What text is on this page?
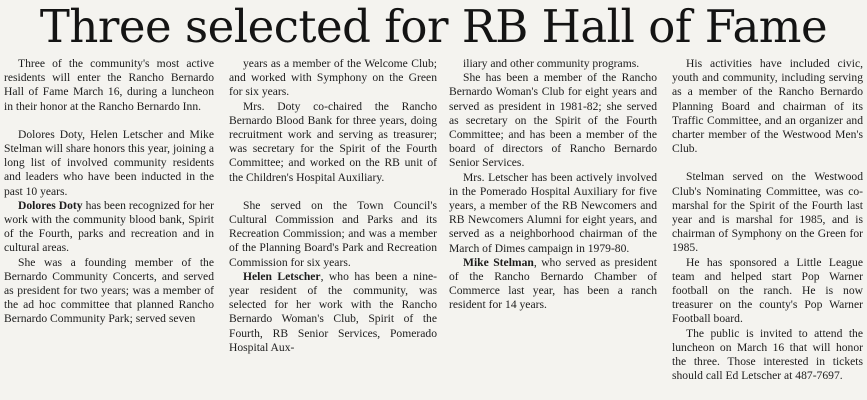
Three selected for RB Hall of Fame

Three of the community's most active residents will enter the Rancho Bernardo Hall of Fame March 16, during a luncheon in their honor at the Rancho Bernardo Inn.

Dolores Doty, Helen Letscher and Mike Stelman will share honors this year, joining a long list of involved community residents and leaders who have been inducted in the past 10 years.

Dolores Doty has been recognized for her work with the community blood bank, Spirit of the Fourth, parks and recreation and in cultural areas.

She was a founding member of the Bernardo Community Concerts, and served as president for two years; was a member of the ad hoc committee that planned Rancho Bernardo Community Park; served seven

years as a member of the Welcome Club; and worked with Symphony on the Green for six years.

Mrs. Doty co-chaired the Rancho Bernardo Blood Bank for three years, doing recruitment work and serving as treasurer; was secretary for the Spirit of the Fourth Committee; and worked on the RB unit of the Children's Hospital Auxiliary.

She served on the Town Council's Cultural Commission and Parks and its Recreation Commission; and was a member of the Planning Board's Park and Recreation Commission for six years.

Helen Letscher, who has been a nine-year resident of the community, was selected for her work with the Rancho Bernardo Woman's Club, Spirit of the Fourth, RB Senior Services, Pomerado Hospital Aux-

iliary and other community programs.

She has been a member of the Rancho Bernardo Woman's Club for eight years and served as president in 1981-82; she served as secretary on the Spirit of the Fourth Committee; and has been a member of the board of directors of Rancho Bernardo Senior Services.

Mrs. Letscher has been actively involved in the Pomerado Hospital Auxiliary for five years, a member of the RB Newcomers and RB Newcomers Alumni for eight years, and served as a neighborhood chairman of the March of Dimes campaign in 1979-80.

Mike Stelman, who served as president of the Rancho Bernardo Chamber of Commerce last year, has been a ranch resident for 14 years.

His activities have included civic, youth and community, including serving as a member of the Rancho Bernardo Planning Board and chairman of its Traffic Committee, and an organizer and charter member of the Westwood Men's Club.

Stelman served on the Westwood Club's Nominating Committee, was co-marshal for the Spirit of the Fourth last year and is marshal for 1985, and is chairman of Symphony on the Green for 1985.

He has sponsored a Little League team and helped start Pop Warner football on the ranch. He is now treasurer on the county's Pop Warner Football board.

The public is invited to attend the luncheon on March 16 that will honor the three. Those interested in tickets should call Ed Letscher at 487-7697.
